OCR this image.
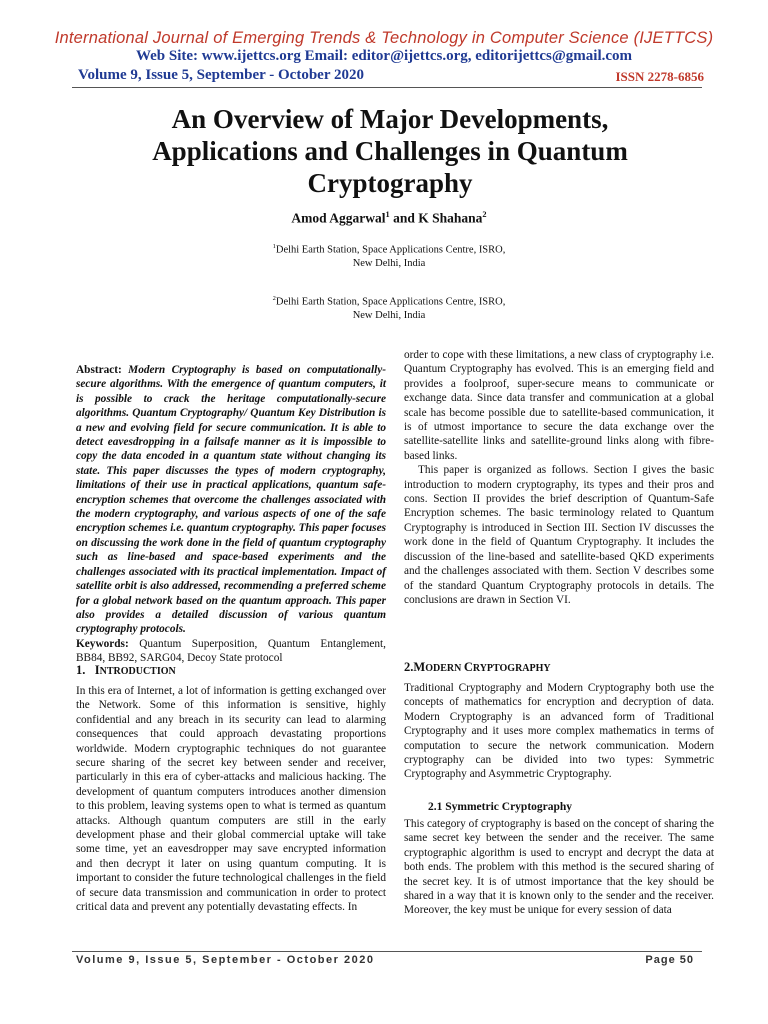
International Journal of Emerging Trends & Technology in Computer Science (IJETTCS)
Web Site: www.ijettcs.org Email: editor@ijettcs.org, editorijettcs@gmail.com
Volume 9, Issue 5, September - October 2020	ISSN 2278-6856
An Overview of Major Developments, Applications and Challenges in Quantum Cryptography
Amod Aggarwal$^1$ and K Shahana$^2$
$^1$Delhi Earth Station, Space Applications Centre, ISRO,
New Delhi, India
$^2$Delhi Earth Station, Space Applications Centre, ISRO,
New Delhi, India

Abstract: Modern Cryptography is based on computationally-secure algorithms. With the emergence of quantum computers, it is possible to crack the heritage computationally-secure algorithms. Quantum Cryptography/ Quantum Key Distribution is a new and evolving field for secure communication. It is able to detect eavesdropping in a failsafe manner as it is impossible to copy the data encoded in a quantum state without changing its state. This paper discusses the types of modern cryptography, limitations of their use in practical applications, quantum safe-encryption schemes that overcome the challenges associated with the modern cryptography, and various aspects of one of the safe encryption schemes i.e. quantum cryptography. This paper focuses on discussing the work done in the field of quantum cryptography such as line-based and space-based experiments and the challenges associated with its practical implementation. Impact of satellite orbit is also addressed, recommending a preferred scheme for a global network based on the quantum approach. This paper also provides a detailed discussion of various quantum cryptography protocols.

Keywords: Quantum Superposition, Quantum Entanglement, BB84, BB92, SARG04, Decoy State protocol

1. INTRODUCTION

In this era of Internet, a lot of information is getting exchanged over the Network. Some of this information is sensitive, highly confidential and any breach in its security can lead to alarming consequences that could approach devastating proportions worldwide. Modern cryptographic techniques do not guarantee secure sharing of the secret key between sender and receiver, particularly in this era of cyber-attacks and malicious hacking. The development of quantum computers introduces another dimension to this problem, leaving systems open to what is termed as quantum attacks. Although quantum computers are still in the early development phase and their global commercial uptake will take some time, yet an eavesdropper may save encrypted information and then decrypt it later on using quantum computing. It is important to consider the future technological challenges in the field of secure data transmission and communication in order to protect critical data and prevent any potentially devastating effects. In

order to cope with these limitations, a new class of cryptography i.e. Quantum Cryptography has evolved. This is an emerging field and provides a foolproof, super-secure means to communicate or exchange data. Since data transfer and communication at a global scale has become possible due to satellite-based communication, it is of utmost importance to secure the data exchange over the satellite-satellite links and satellite-ground links along with fibre-based links.

This paper is organized as follows. Section I gives the basic introduction to modern cryptography, its types and their pros and cons. Section II provides the brief description of Quantum-Safe Encryption schemes. The basic terminology related to Quantum Cryptography is introduced in Section III. Section IV discusses the work done in the field of Quantum Cryptography. It includes the discussion of the line-based and satellite-based QKD experiments and the challenges associated with them. Section V describes some of the standard Quantum Cryptography protocols in details. The conclusions are drawn in Section VI.

2.MODERN CRYPTOGRAPHY

Traditional Cryptography and Modern Cryptography both use the concepts of mathematics for encryption and decryption of data. Modern Cryptography is an advanced form of Traditional Cryptography and it uses more complex mathematics in terms of computation to secure the network communication. Modern cryptography can be divided into two types: Symmetric Cryptography and Asymmetric Cryptography.

2.1 Symmetric Cryptography

This category of cryptography is based on the concept of sharing the same secret key between the sender and the receiver. The same cryptographic algorithm is used to encrypt and decrypt the data at both ends. The problem with this method is the secured sharing of the secret key. It is of utmost importance that the key should be shared in a way that it is known only to the sender and the receiver. Moreover, the key must be unique for every session of data

Volume 9, Issue 5, September - October 2020	Page 50
